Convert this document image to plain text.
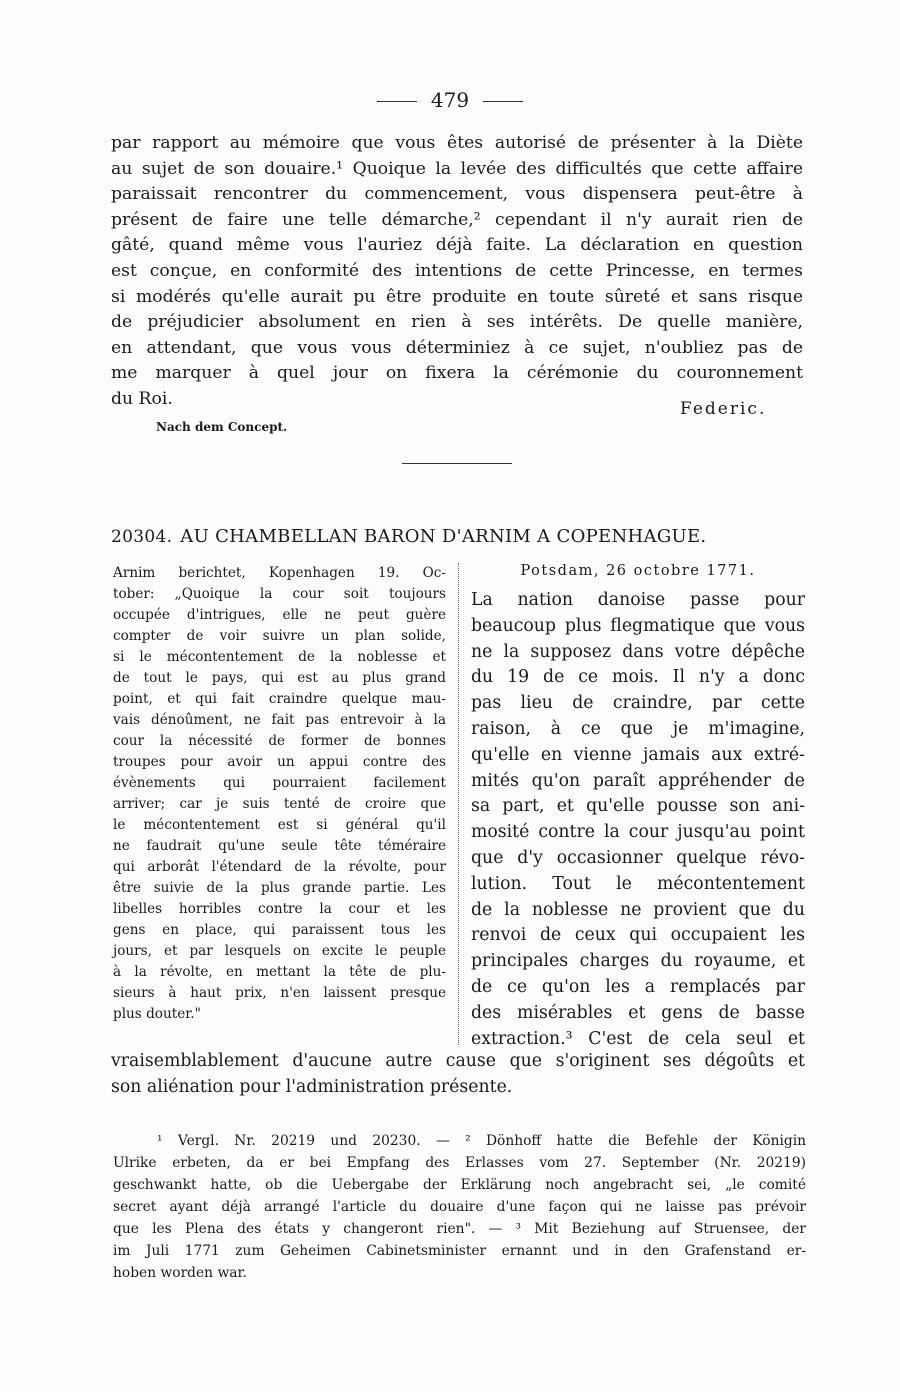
479
par rapport au mémoire que vous êtes autorisé de présenter à la Diète
au sujet de son douaire.¹ Quoique la levée des difficultés que cette affaire
paraissait rencontrer du commencement, vous dispensera peut-être à
présent de faire une telle démarche,² cependant il n'y aurait rien de
gâté, quand même vous l'auriez déjà faite. La déclaration en question
est conçue, en conformité des intentions de cette Princesse, en termes
si modérés qu'elle aurait pu être produite en toute sûreté et sans risque
de préjudicier absolument en rien à ses intérêts. De quelle manière,
en attendant, que vous vous déterminiez à ce sujet, n'oubliez pas de
me marquer à quel jour on fixera la cérémonie du couronnement
du Roi.
Federic.
Nach dem Concept.
20304. AU CHAMBELLAN BARON D'ARNIM A COPENHAGUE.
Arnim berichtet, Kopenhagen 19. Oc-
tober: „Quoique la cour soit toujours
occupée d'intrigues, elle ne peut guère
compter de voir suivre un plan solide,
si le mécontentement de la noblesse et
de tout le pays, qui est au plus grand
point, et qui fait craindre quelque mau-
vais dénoûment, ne fait pas entrevoir à la
cour la nécessité de former de bonnes
troupes pour avoir un appui contre des
évènements qui pourraient facilement
arriver; car je suis tenté de croire que
le mécontentement est si général qu'il
ne faudrait qu'une seule tête téméraire
qui arborât l'étendard de la révolte, pour
être suivie de la plus grande partie. Les
libelles horribles contre la cour et les
gens en place, qui paraissent tous les
jours, et par lesquels on excite le peuple
à la révolte, en mettant la tête de plu-
sieurs à haut prix, n'en laissent presque
plus douter."
Potsdam, 26 octobre 1771.
La nation danoise passe pour
beaucoup plus flegmatique que vous
ne la supposez dans votre dépêche
du 19 de ce mois. Il n'y a donc
pas lieu de craindre, par cette
raison, à ce que je m'imagine,
qu'elle en vienne jamais aux extré-
mités qu'on paraît appréhender de
sa part, et qu'elle pousse son ani-
mosité contre la cour jusqu'au point
que d'y occasionner quelque révo-
lution. Tout le mécontentement
de la noblesse ne provient que du
renvoi de ceux qui occupaient les
principales charges du royaume, et
de ce qu'on les a remplacés par
des misérables et gens de basse
extraction.³ C'est de cela seul et
vraisemblablement d'aucune autre cause que s'originent ses dégoûts et
son aliénation pour l'administration présente.
¹ Vergl. Nr. 20219 und 20230. — ² Dönhoff hatte die Befehle der Königin
Ulrike erbeten, da er bei Empfang des Erlasses vom 27. September (Nr. 20219)
geschwankt hatte, ob die Uebergabe der Erklärung noch angebracht sei, „le comité
secret ayant déjà arrangé l'article du douaire d'une façon qui ne laisse pas prévoir
que les Plena des états y changeront rien". — ³ Mit Beziehung auf Struensee, der
im Juli 1771 zum Geheimen Cabinetsminister ernannt und in den Grafenstand er-
hoben worden war.
